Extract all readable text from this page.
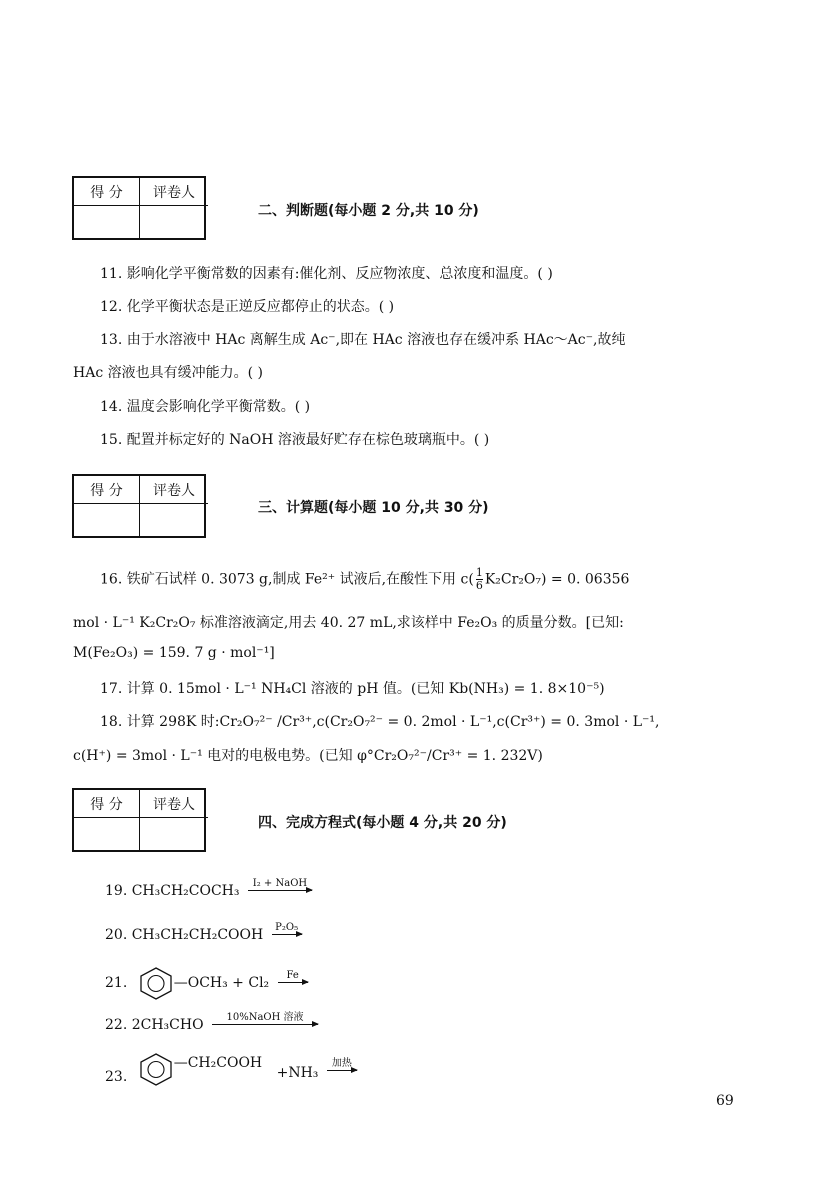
得 分	评卷人
二、判断题(每小题 2 分,共 10 分)
11. 影响化学平衡常数的因素有:催化剂、反应物浓度、总浓度和温度。( )
12. 化学平衡状态是正逆反应都停止的状态。( )
13. 由于水溶液中 HAc 离解生成 Ac⁻,即在 HAc 溶液也存在缓冲系 HAc～Ac⁻,故纯
HAc 溶液也具有缓冲能力。( )
14. 温度会影响化学平衡常数。( )
15. 配置并标定好的 NaOH 溶液最好贮存在棕色玻璃瓶中。( )
得 分	评卷人
三、计算题(每小题 10 分,共 30 分)
16. 铁矿石试样 0. 3073 g,制成 Fe²⁺ 试液后,在酸性下用 $c( \frac{1}{6} K_2Cr_2O_7) = 0$. 06356
mol · L⁻¹ K₂Cr₂O₇ 标准溶液滴定,用去 40. 27 mL,求该样中 Fe₂O₃ 的质量分数。[已知:
M(Fe₂O₃) = 159. 7 g · mol⁻¹]
17. 计算 0. 15mol · L⁻¹ NH₄Cl 溶液的 pH 值。(已知 Kb(NH₃) = 1. 8×10⁻⁵)
18. 计算 298K 时:Cr₂O₇²⁻ /Cr³⁺,c(Cr₂O₇²⁻ = 0. 2mol · L⁻¹,c(Cr³⁺) = 0. 3mol · L⁻¹,
c(H⁺) = 3mol · L⁻¹ 电对的电极电势。(已知 φ°Cr₂O₇²⁻/Cr³⁺ = 1. 232V)
得 分	评卷人
四、完成方程式(每小题 4 分,共 20 分)
19. CH₃CH₂COCH₃	I₂ + NaOH
20. CH₃CH₂CH₂COOH	P₂O₅
21.	—OCH₃ + Cl₂	Fe
22. 2CH₃CHO	10%NaOH 溶液
23. —CH₂COOH +NH₃
加热
69
